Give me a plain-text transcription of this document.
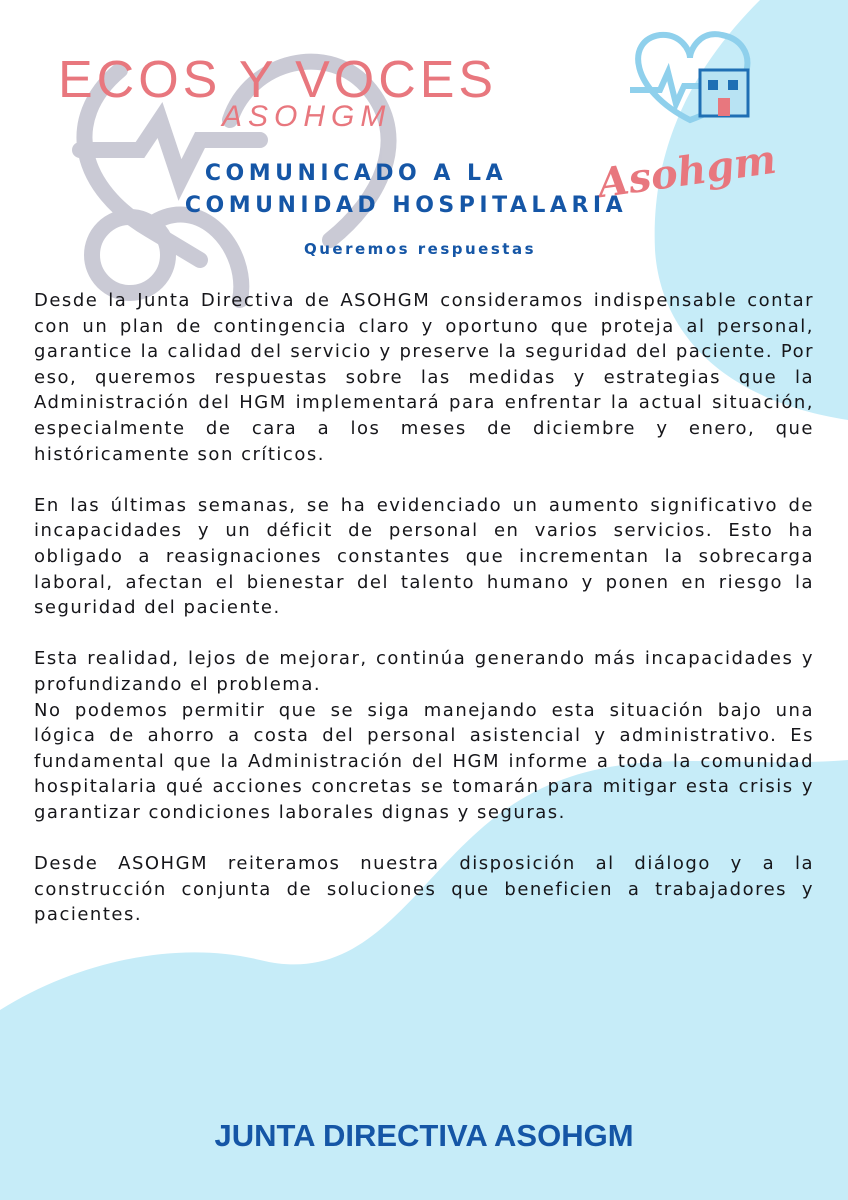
ECOS Y VOCES
ASOHGM
Asohgm
COMUNICADO A LA
COMUNIDAD HOSPITALARIA
Queremos respuestas

Desde la Junta Directiva de ASOHGM consideramos indispensable contar con un plan de contingencia claro y oportuno que proteja al personal, garantice la calidad del servicio y preserve la seguridad del paciente. Por eso, queremos respuestas sobre las medidas y estrategias que la Administración del HGM implementará para enfrentar la actual situación, especialmente de cara a los meses de diciembre y enero, que históricamente son críticos.

En las últimas semanas, se ha evidenciado un aumento significativo de incapacidades y un déficit de personal en varios servicios. Esto ha obligado a reasignaciones constantes que incrementan la sobrecarga laboral, afectan el bienestar del talento humano y ponen en riesgo la seguridad del paciente.

Esta realidad, lejos de mejorar, continúa generando más incapacidades y profundizando el problema.

No podemos permitir que se siga manejando esta situación bajo una lógica de ahorro a costa del personal asistencial y administrativo. Es fundamental que la Administración del HGM informe a toda la comunidad hospitalaria qué acciones concretas se tomarán para mitigar esta crisis y garantizar condiciones laborales dignas y seguras.

Desde ASOHGM reiteramos nuestra disposición al diálogo y a la construcción conjunta de soluciones que beneficien a trabajadores y pacientes.

JUNTA DIRECTIVA ASOHGM
